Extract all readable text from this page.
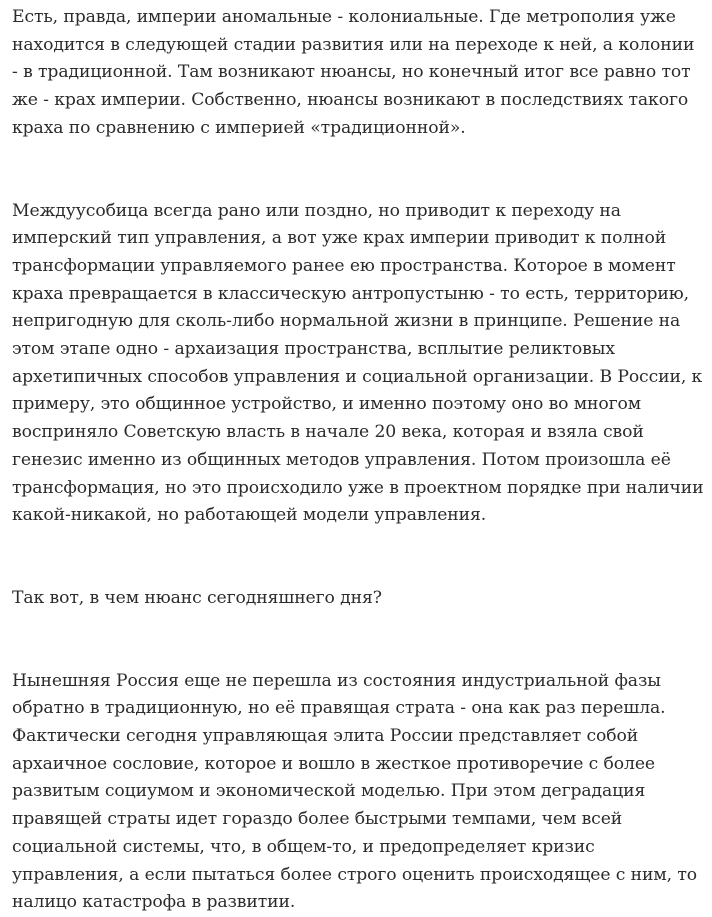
Есть, правда, империи аномальные - колониальные. Где метрополия уже находится в следующей стадии развития или на переходе к ней, а колонии - в традиционной. Там возникают нюансы, но конечный итог все равно тот же - крах империи. Собственно, нюансы возникают в последствиях такого краха по сравнению с империей «традиционной».

Междуусобица всегда рано или поздно, но приводит к переходу на имперский тип управления, а вот уже крах империи приводит к полной трансформации управляемого ранее ею пространства. Которое в момент краха превращается в классическую антропустыню - то есть, территорию, непригодную для сколь-либо нормальной жизни в принципе. Решение на этом этапе одно - архаизация пространства, всплытие реликтовых архетипичных способов управления и социальной организации. В России, к примеру, это общинное устройство, и именно поэтому оно во многом восприняло Советскую власть в начале 20 века, которая и взяла свой генезис именно из общинных методов управления. Потом произошла её трансформация, но это происходило уже в проектном порядке при наличии какой-никакой, но работающей модели управления.

Так вот, в чем нюанс сегодняшнего дня?

Нынешняя Россия еще не перешла из состояния индустриальной фазы обратно в традиционную, но её правящая страта - она как раз перешла. Фактически сегодня управляющая элита России представляет собой архаичное сословие, которое и вошло в жесткое противоречие с более развитым социумом и экономической моделью. При этом деградация правящей страты идет гораздо более быстрыми темпами, чем всей социальной системы, что, в общем-то, и предопределяет кризис управления, а если пытаться более строго оценить происходящее с ним, то налицо катастрофа в развитии.
